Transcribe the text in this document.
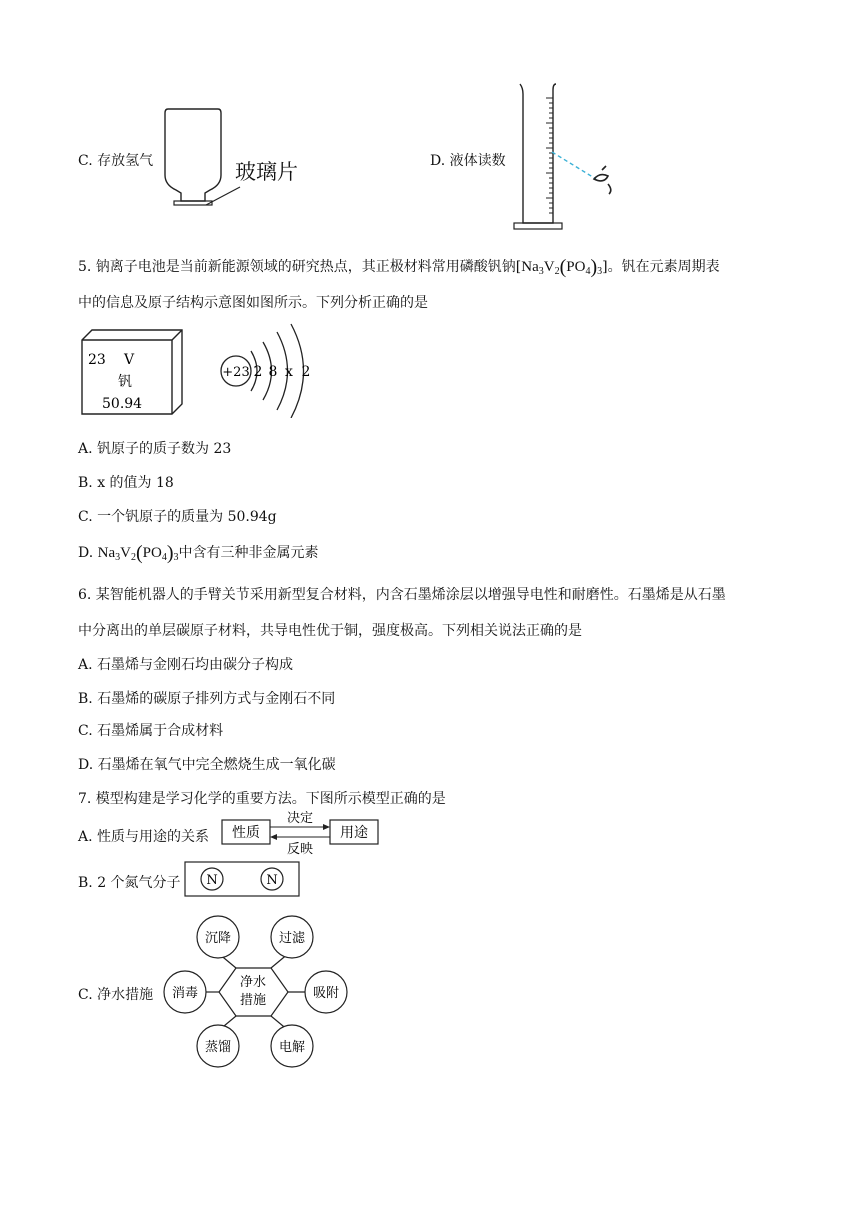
C. 存放氢气	玻璃片	D. 液体读数
5. 钠离子电池是当前新能源领域的研究热点，其正极材料常用磷酸钒钠$[Na_3V_2(PO_4)_3]$。钒在元素周期表
中的信息及原子结构示意图如图所示。下列分析正确的是
23 V
钒
50.94
+23 2 8 x 2
A. 钒原子的质子数为 23
B. x 的值为 18
C. 一个钒原子的质量为 50.94g
D. $Na_3V_2(PO_4)_3$中含有三种非金属元素
6. 某智能机器人的手臂关节采用新型复合材料，内含石墨烯涂层以增强导电性和耐磨性。石墨烯是从石墨
中分离出的单层碳原子材料，共导电性优于铜，强度极高。下列相关说法正确的是
A. 石墨烯与金刚石均由碳分子构成
B. 石墨烯的碳原子排列方式与金刚石不同
C. 石墨烯属于合成材料
D. 石墨烯在氧气中完全燃烧生成一氧化碳
7. 模型构建是学习化学的重要方法。下图所示模型正确的是
A. 性质与用途的关系 性质	用途
决定
反映
B. 2 个氮气分子 N	N
C. 净水措施
净水
措施
沉降	过滤
吸附
电解
蒸馏
消毒
